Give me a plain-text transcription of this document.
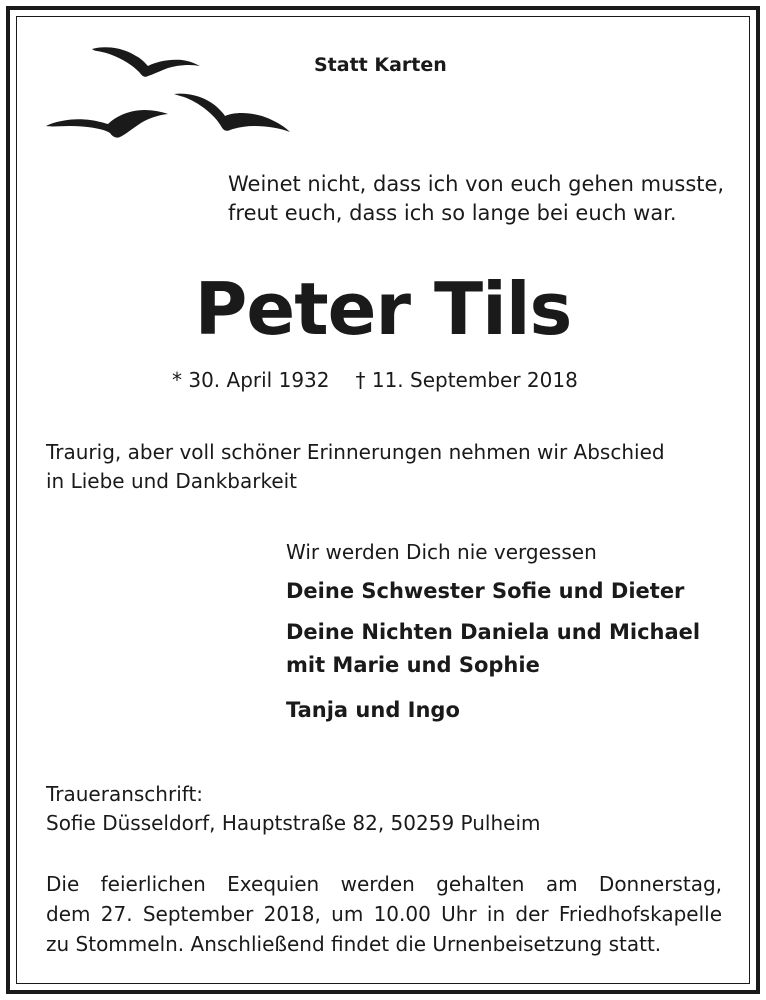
Statt Karten
Weinet nicht, dass ich von euch gehen musste,
freut euch, dass ich so lange bei euch war.
Peter Tils
* 30. April 1932 † 11. September 2018
Traurig, aber voll schöner Erinnerungen nehmen wir Abschied
in Liebe und Dankbarkeit
Wir werden Dich nie vergessen
Deine Schwester Sofie und Dieter
Deine Nichten Daniela und Michael
mit Marie und Sophie
Tanja und Ingo
Traueranschrift:
Sofie Düsseldorf, Hauptstraße 82, 50259 Pulheim
Die feierlichen Exequien werden gehalten am Donnerstag,
dem 27. September 2018, um 10.00 Uhr in der Friedhofskapelle
zu Stommeln. Anschließend findet die Urnenbeisetzung statt.
